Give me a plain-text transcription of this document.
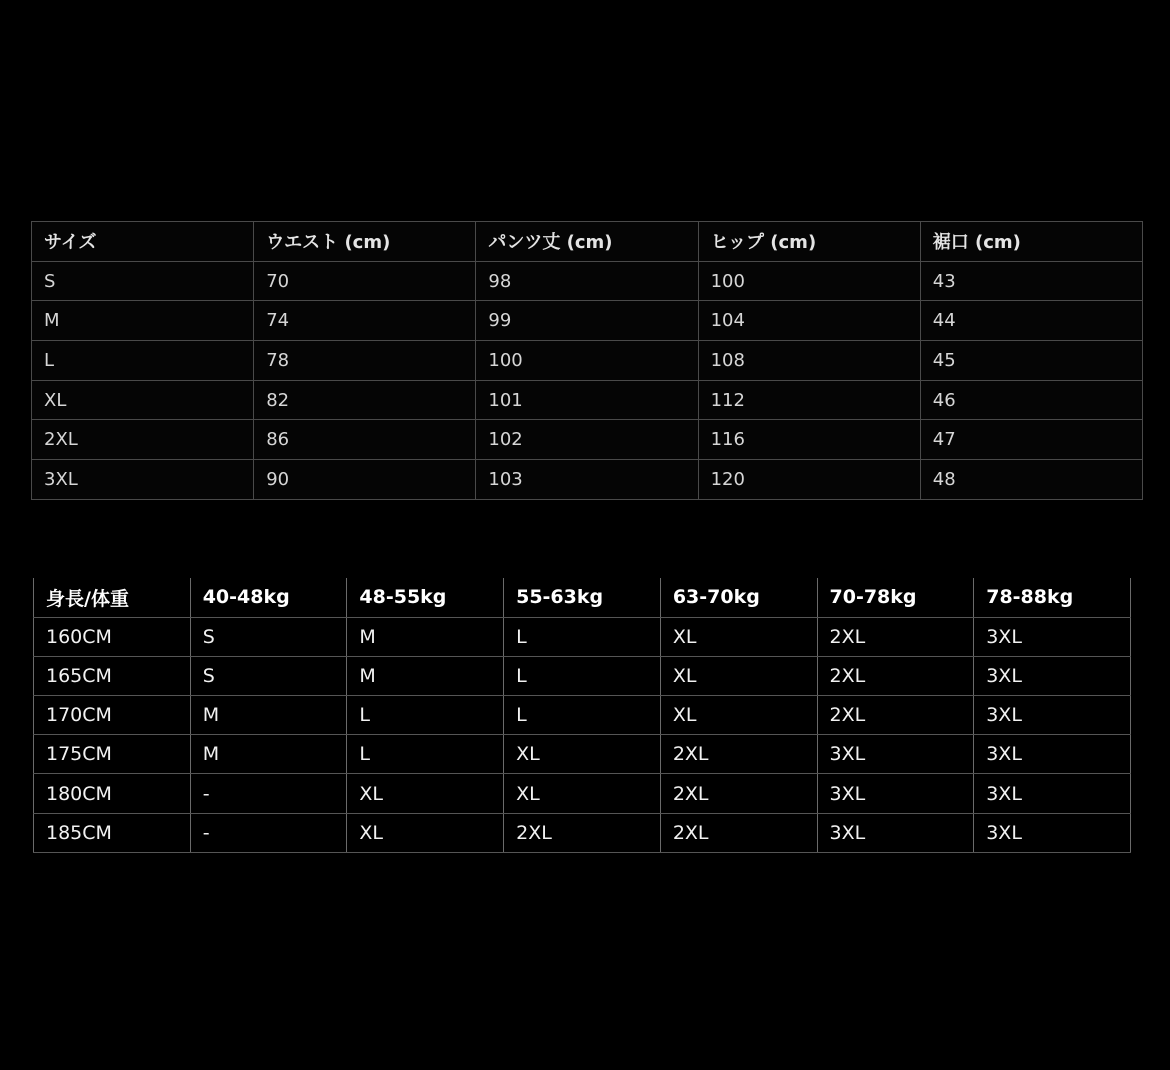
サイズ	ウエスト (cm)	パンツ丈 (cm)	ヒップ (cm)	裾口 (cm)
S	70	98	100	43
M	74	99	104	44
L	78	100	108	45
XL	82	101	112	46
2XL	86	102	116	47
3XL	90	103	120	48
身長/体重	40-48kg	48-55kg	55-63kg	63-70kg	70-78kg	78-88kg
160CM	S	M	L	XL	2XL	3XL
165CM	S	M	L	XL	2XL	3XL
170CM	M	L	L	XL	2XL	3XL
175CM	M	L	XL	2XL	3XL	3XL
180CM	-	XL	XL	2XL	3XL	3XL
185CM	-	XL	2XL	2XL	3XL	3XL
